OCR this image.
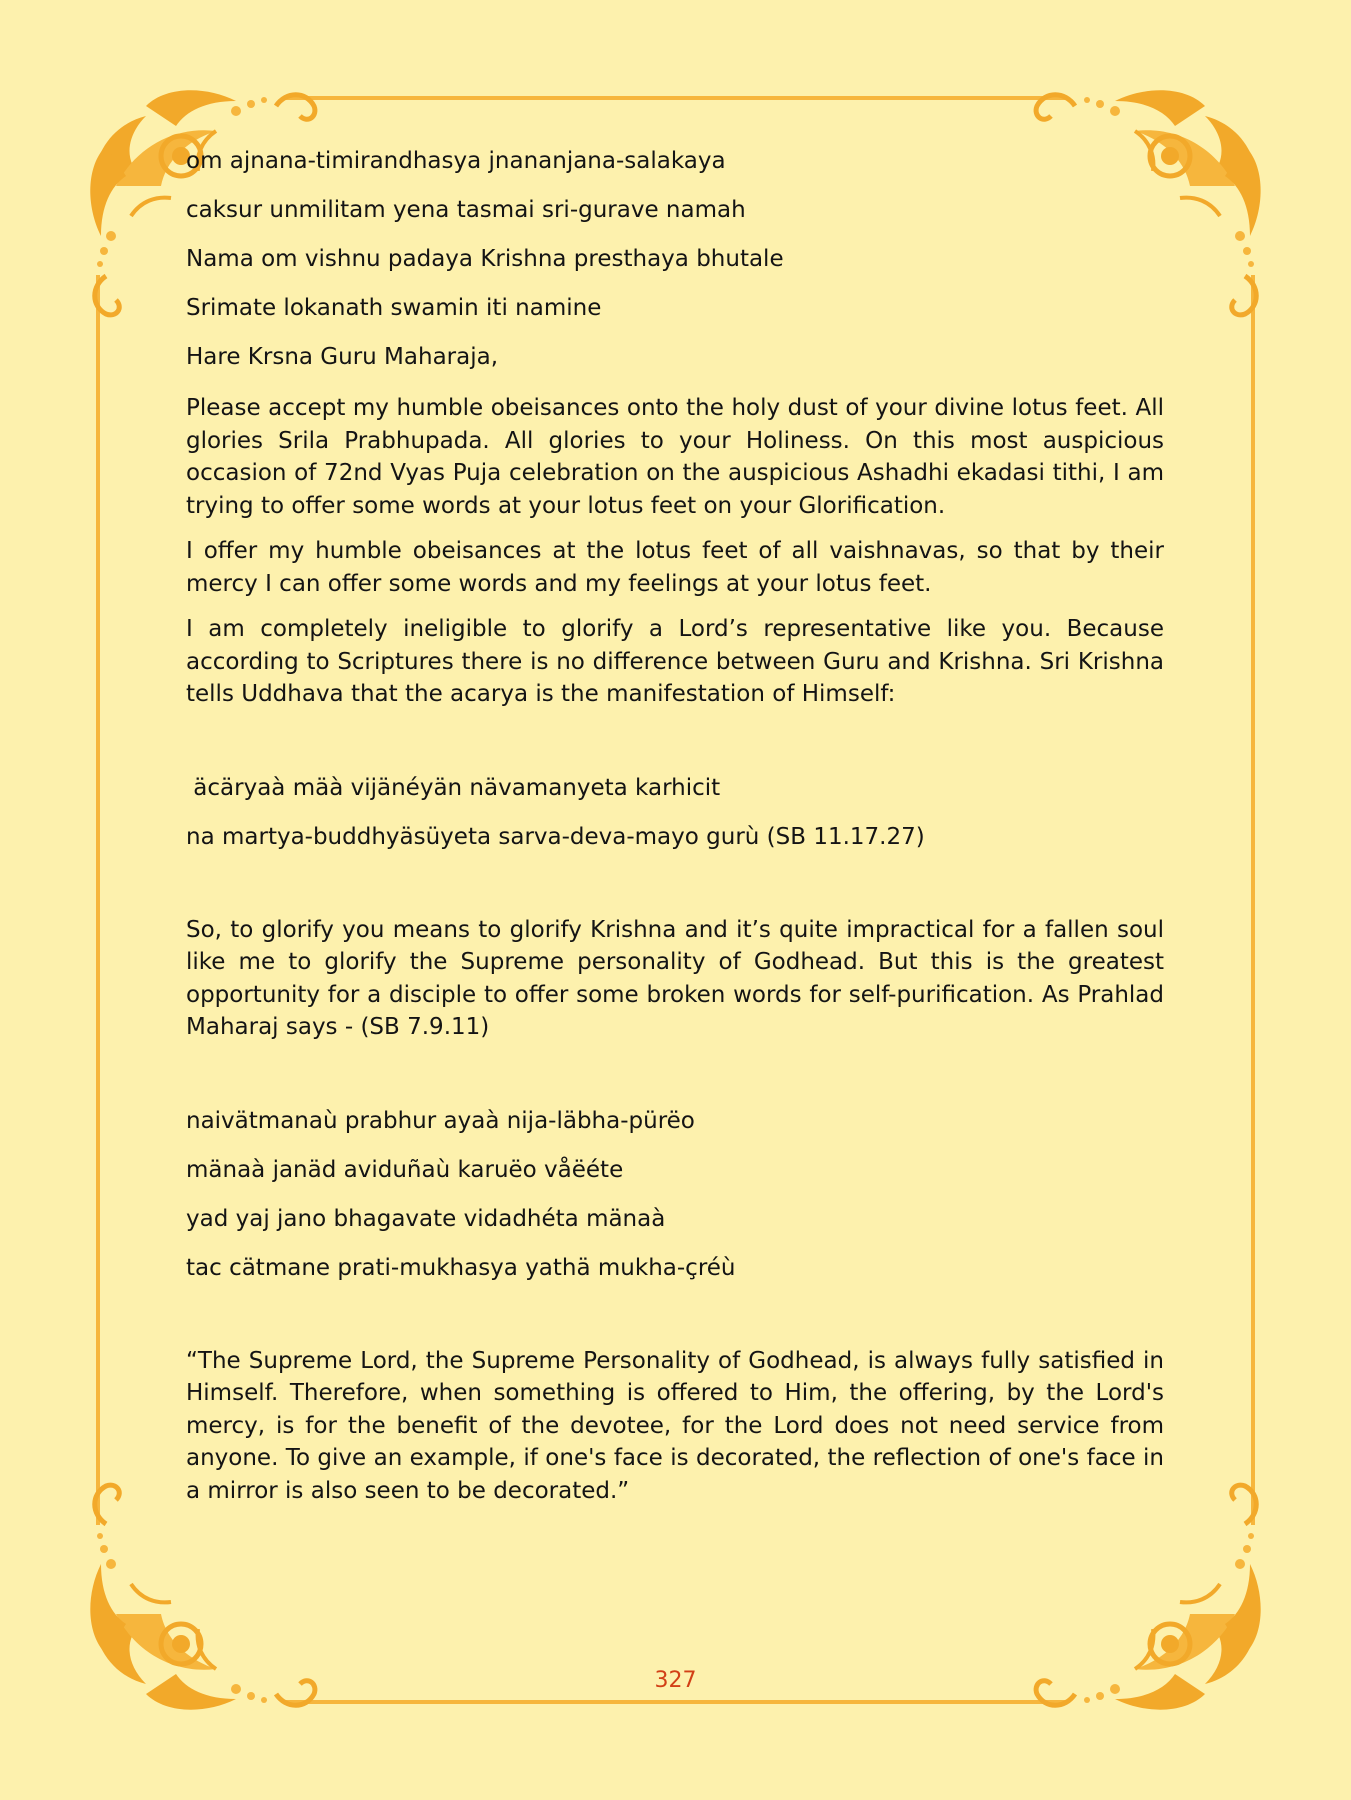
om ajnana-timirandhasya jnananjana-salakaya

caksur unmilitam yena tasmai sri-gurave namah

Nama om vishnu padaya Krishna presthaya bhutale

Srimate lokanath swamin iti namine

Hare Krsna Guru Maharaja,

Please accept my humble obeisances onto the holy dust of your divine lotus feet. All glories Srila Prabhupada. All glories to your Holiness. On this most auspicious occasion of 72nd Vyas Puja celebration on the auspicious Ashadhi ekadasi tithi, I am trying to offer some words at your lotus feet on your Glorification.

I offer my humble obeisances at the lotus feet of all vaishnavas, so that by their mercy I can offer some words and my feelings at your lotus feet.

I am completely ineligible to glorify a Lord’s representative like you. Because according to Scriptures there is no difference between Guru and Krishna. Sri Krishna tells Uddhava that the acarya is the manifestation of Himself:

äcäryaà mäà vijänéyän nävamanyeta karhicit

na martya-buddhyäsüyeta sarva-deva-mayo gurù (SB 11.17.27)

So, to glorify you means to glorify Krishna and it’s quite impractical for a fallen soul like me to glorify the Supreme personality of Godhead. But this is the greatest opportunity for a disciple to offer some broken words for self-purification. As Prahlad Maharaj says - (SB 7.9.11)

naivätmanaù prabhur ayaà nija-läbha-pürëo

mänaà janäd aviduñaù karuëo våëéte

yad yaj jano bhagavate vidadhéta mänaà

tac cätmane prati-mukhasya yathä mukha-çréù

“The Supreme Lord, the Supreme Personality of Godhead, is always fully satisfied in Himself. Therefore, when something is offered to Him, the offering, by the Lord's mercy, is for the benefit of the devotee, for the Lord does not need service from anyone. To give an example, if one's face is decorated, the reflection of one's face in a mirror is also seen to be decorated.”

327
